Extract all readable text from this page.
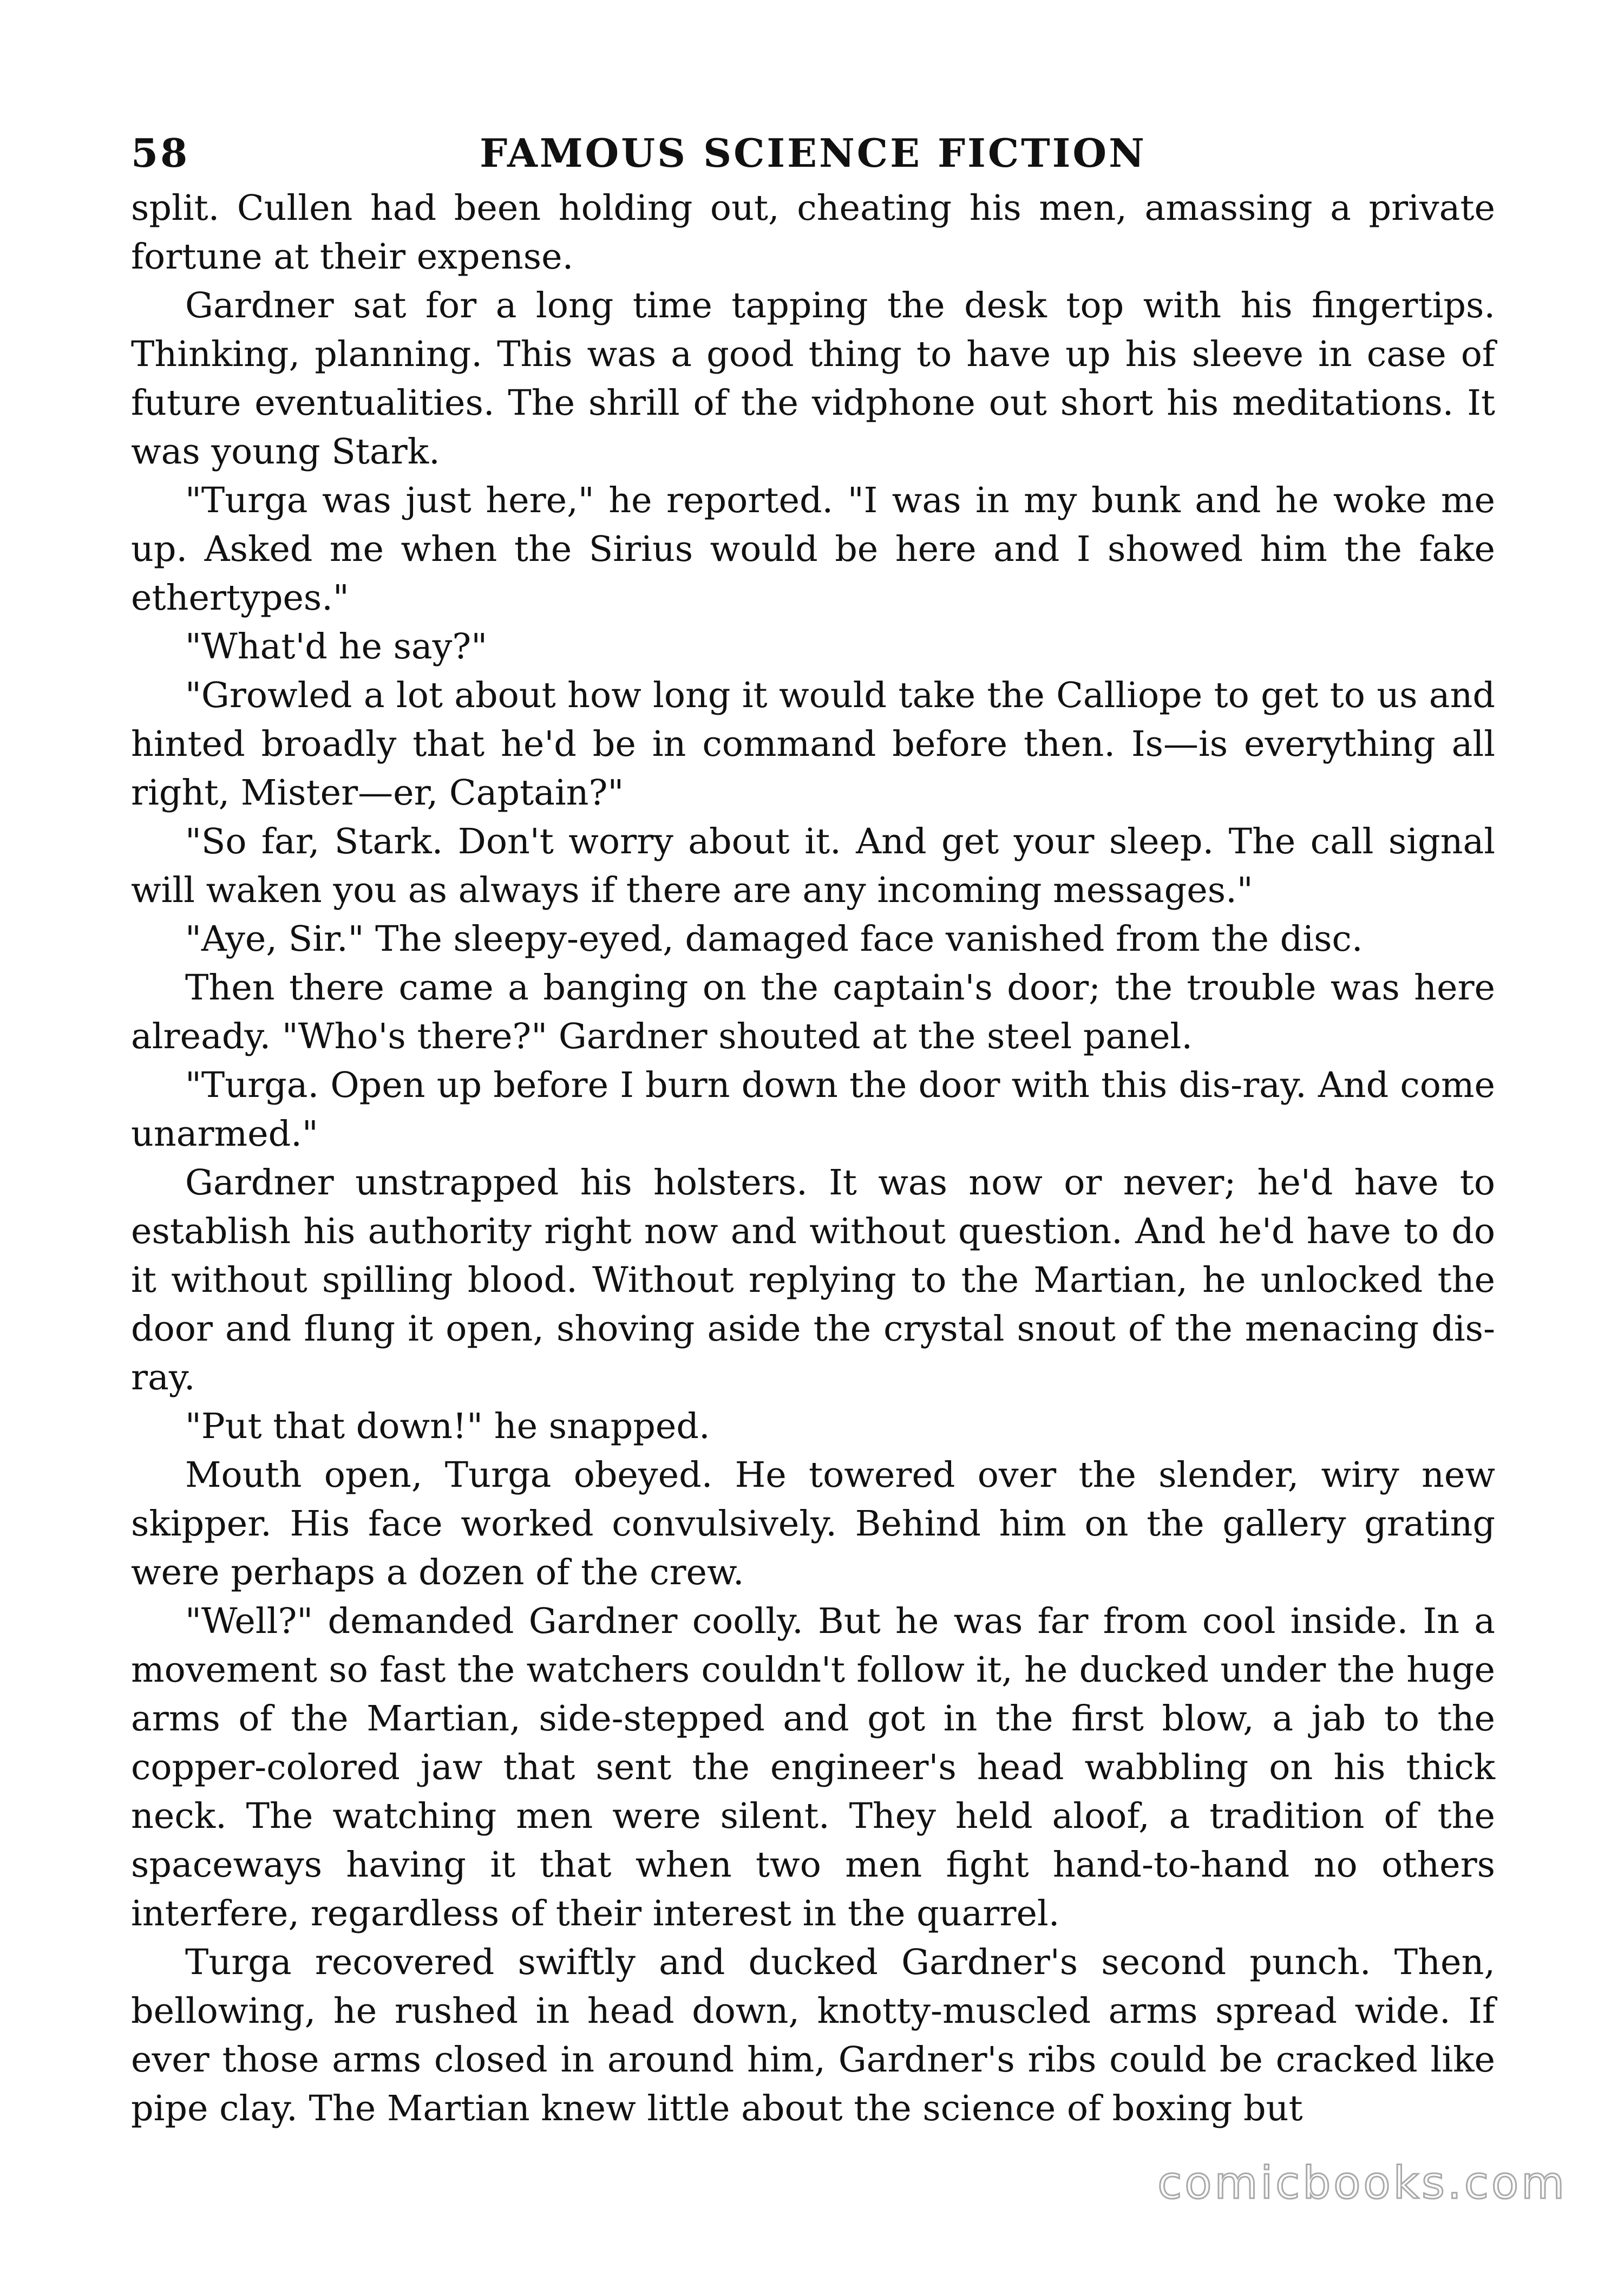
58	FAMOUS SCIENCE FICTION

split. Cullen had been holding out, cheating his men, amassing a private fortune at their expense.

Gardner sat for a long time tapping the desk top with his fingertips. Thinking, planning. This was a good thing to have up his sleeve in case of future eventualities. The shrill of the vidphone out short his meditations. It was young Stark.

"Turga was just here," he reported. "I was in my bunk and he woke me up. Asked me when the Sirius would be here and I showed him the fake ethertypes."

"What'd he say?"

"Growled a lot about how long it would take the Calliope to get to us and hinted broadly that he'd be in command before then. Is—is everything all right, Mister—er, Captain?"

"So far, Stark. Don't worry about it. And get your sleep. The call signal will waken you as always if there are any incoming messages."

"Aye, Sir." The sleepy-eyed, damaged face vanished from the disc.

Then there came a banging on the captain's door; the trouble was here already. "Who's there?" Gardner shouted at the steel panel.

"Turga. Open up before I burn down the door with this dis-ray. And come unarmed."

Gardner unstrapped his holsters. It was now or never; he'd have to establish his authority right now and without question. And he'd have to do it without spilling blood. Without replying to the Martian, he unlocked the door and flung it open, shoving aside the crystal snout of the menacing dis-ray.

"Put that down!" he snapped.

Mouth open, Turga obeyed. He towered over the slender, wiry new skipper. His face worked convulsively. Behind him on the gallery grating were perhaps a dozen of the crew.

"Well?" demanded Gardner coolly. But he was far from cool inside. In a movement so fast the watchers couldn't follow it, he ducked under the huge arms of the Martian, side-stepped and got in the first blow, a jab to the copper-colored jaw that sent the engineer's head wabbling on his thick neck. The watching men were silent. They held aloof, a tradition of the spaceways having it that when two men fight hand-to-hand no others interfere, regardless of their interest in the quarrel.

Turga recovered swiftly and ducked Gardner's second punch. Then, bellowing, he rushed in head down, knotty-muscled arms spread wide. If ever those arms closed in around him, Gardner's ribs could be cracked like pipe clay. The Martian knew little about the science of boxing but

comicbooks.com
